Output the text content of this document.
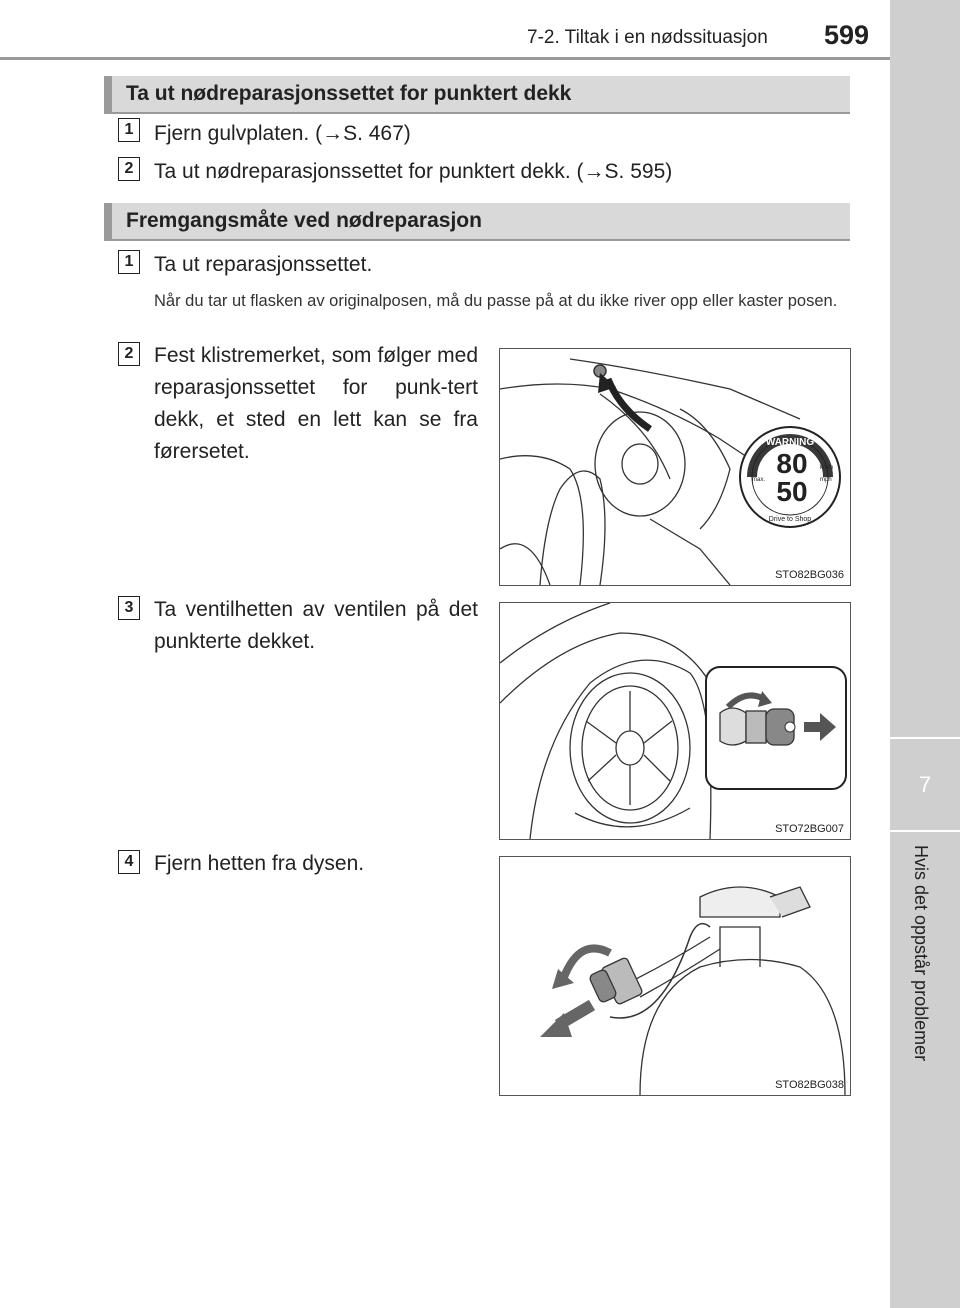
7-2. Tiltak i en nødssituasjon 599
7
Hvis det oppstår problemer
Ta ut nødreparasjonssettet for punktert dekk
1 Fjern gulvplaten. (→S. 467)
2 Ta ut nødreparasjonssettet for punktert dekk. (→S. 595)
Fremgangsmåte ved nødreparasjon
1 Ta ut reparasjonssettet.
Når du tar ut flasken av originalposen, må du passe på at du ikke river opp eller kaster posen.
2 Fest klistremerket, som følger med reparasjonssettet for punk-tert dekk, et sted en lett kan se fra førersetet.
3 Ta ventilhetten av ventilen på det punkterte dekket.
4 Fjern hetten fra dysen.
WARNING
80
50
km/h
mph
max.
Drive to Shop
STO82BG036
STO72BG007
STO82BG038
